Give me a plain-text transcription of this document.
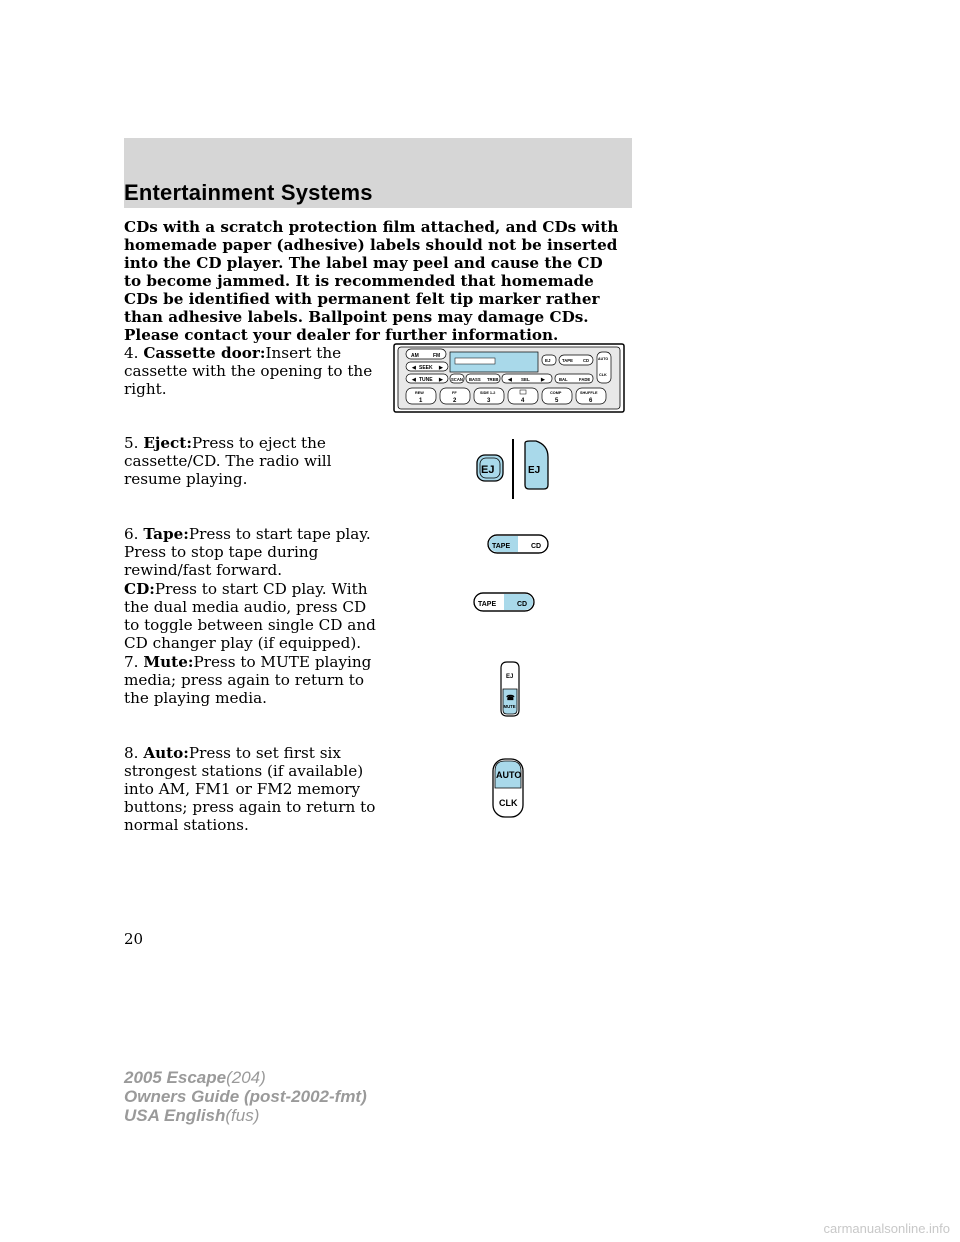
Entertainment Systems
CDs with a scratch protection film attached, and CDs with homemade paper (adhesive) labels should not be inserted into the CD player. The label may peel and cause the CD to become jammed. It is recommended that homemade CDs be identified with permanent felt tip marker rather than adhesive labels. Ballpoint pens may damage CDs. Please contact your dealer for further information.
4. Cassette door:Insert the cassette with the opening to the right.
5. Eject:Press to eject the cassette/CD. The radio will resume playing.
6. Tape:Press to start tape play. Press to stop tape during rewind/fast forward.
CD:Press to start CD play. With the dual media audio, press CD to toggle between single CD and CD changer play (if equipped).
7. Mute:Press to MUTE playing media; press again to return to the playing media.
8. Auto:Press to set first six strongest stations (if available) into AM, FM1 or FM2 memory buttons; press again to return to normal stations.
AM	FM
◀ SEEK ▶
◀ TUNE ▶ SCAN BASS TREB ◀ SEL ▶
EJ	TAPE CD
BAL	FADE
AUTO
CLK
REW
1
FF
2
SIDE 1-2
3	4
COMP
5
SHUFFLE
6
EJ	EJ
TAPE	CD
TAPE	CD
EJ
☎
MUTE
AUTO
CLK
20
2005 Escape(204)
Owners Guide (post-2002-fmt)
USA English(fus)
carmanualsonline.info
